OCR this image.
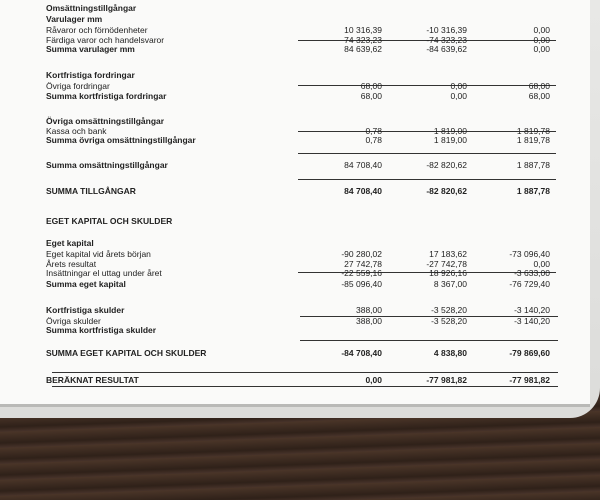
Omsättningstillgångar
Varulager mm
Råvaror och förnödenheter	10 316,39	-10 316,39	0,00
Färdiga varor och handelsvaror	74 323,23	-74 323,23	0,00
Summa varulager mm	84 639,62	-84 639,62	0,00
Kortfristiga fordringar
Övriga fordringar	68,00	0,00	68,00
Summa kortfristiga fordringar	68,00	0,00	68,00
Övriga omsättningstillgångar
Kassa och bank	0,78	1 819,00	1 819,78
Summa övriga omsättningstillgångar	0,78	1 819,00	1 819,78
Summa omsättningstillgångar	84 708,40	-82 820,62	1 887,78
SUMMA TILLGÅNGAR	84 708,40	-82 820,62	1 887,78
EGET KAPITAL OCH SKULDER
Eget kapital
Eget kapital vid årets början	-90 280,02	17 183,62	-73 096,40
Årets resultat	27 742,78	-27 742,78	0,00
Insättningar el uttag under året	-22 559,16	18 926,16	-3 633,00
Summa eget kapital	-85 096,40	8 367,00	-76 729,40
Kortfristiga skulder	388,00	-3 528,20	-3 140,20
Övriga skulder	388,00	-3 528,20	-3 140,20
Summa kortfristiga skulder
SUMMA EGET KAPITAL OCH SKULDER	-84 708,40	4 838,80	-79 869,60
BERÄKNAT RESULTAT	0,00	-77 981,82	-77 981,82
